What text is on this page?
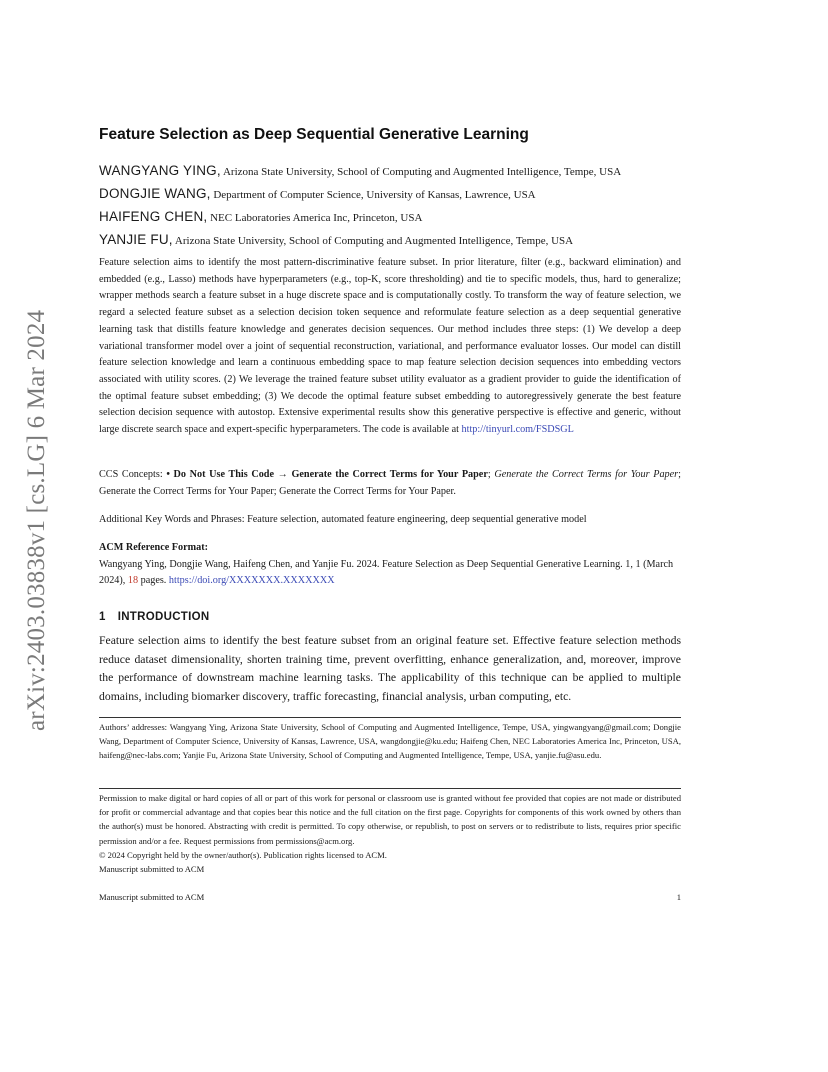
arXiv:2403.03838v1 [cs.LG] 6 Mar 2024
Feature Selection as Deep Sequential Generative Learning
WANGYANG YING, Arizona State University, School of Computing and Augmented Intelligence, Tempe, USA
DONGJIE WANG, Department of Computer Science, University of Kansas, Lawrence, USA
HAIFENG CHEN, NEC Laboratories America Inc, Princeton, USA
YANJIE FU, Arizona State University, School of Computing and Augmented Intelligence, Tempe, USA
Feature selection aims to identify the most pattern-discriminative feature subset. In prior literature, filter (e.g., backward elimination) and embedded (e.g., Lasso) methods have hyperparameters (e.g., top-K, score thresholding) and tie to specific models, thus, hard to generalize; wrapper methods search a feature subset in a huge discrete space and is computationally costly. To transform the way of feature selection, we regard a selected feature subset as a selection decision token sequence and reformulate feature selection as a deep sequential generative learning task that distills feature knowledge and generates decision sequences. Our method includes three steps: (1) We develop a deep variational transformer model over a joint of sequential reconstruction, variational, and performance evaluator losses. Our model can distill feature selection knowledge and learn a continuous embedding space to map feature selection decision sequences into embedding vectors associated with utility scores. (2) We leverage the trained feature subset utility evaluator as a gradient provider to guide the identification of the optimal feature subset embedding; (3) We decode the optimal feature subset embedding to autoregressively generate the best feature selection decision sequence with autostop. Extensive experimental results show this generative perspective is effective and generic, without large discrete search space and expert-specific hyperparameters. The code is available at http://tinyurl.com/FSDSGL
CCS Concepts: • Do Not Use This Code → Generate the Correct Terms for Your Paper; Generate the Correct Terms for Your Paper; Generate the Correct Terms for Your Paper; Generate the Correct Terms for Your Paper.
Additional Key Words and Phrases: Feature selection, automated feature engineering, deep sequential generative model
ACM Reference Format:
Wangyang Ying, Dongjie Wang, Haifeng Chen, and Yanjie Fu. 2024. Feature Selection as Deep Sequential Generative Learning. 1, 1 (March 2024), 18 pages. https://doi.org/XXXXXXX.XXXXXXX
1 INTRODUCTION
Feature selection aims to identify the best feature subset from an original feature set. Effective feature selection methods reduce dataset dimensionality, shorten training time, prevent overfitting, enhance generalization, and, moreover, improve the performance of downstream machine learning tasks. The applicability of this technique can be applied to multiple domains, including biomarker discovery, traffic forecasting, financial analysis, urban computing, etc.
Authors’ addresses: Wangyang Ying, Arizona State University, School of Computing and Augmented Intelligence, Tempe, USA, yingwangyang@gmail.com; Dongjie Wang, Department of Computer Science, University of Kansas, Lawrence, USA, wangdongjie@ku.edu; Haifeng Chen, NEC Laboratories America Inc, Princeton, USA, haifeng@nec-labs.com; Yanjie Fu, Arizona State University, School of Computing and Augmented Intelligence, Tempe, USA, yanjie.fu@asu.edu.
Permission to make digital or hard copies of all or part of this work for personal or classroom use is granted without fee provided that copies are not made or distributed for profit or commercial advantage and that copies bear this notice and the full citation on the first page. Copyrights for components of this work owned by others than the author(s) must be honored. Abstracting with credit is permitted. To copy otherwise, or republish, to post on servers or to redistribute to lists, requires prior specific permission and/or a fee. Request permissions from permissions@acm.org.
© 2024 Copyright held by the owner/author(s). Publication rights licensed to ACM.
Manuscript submitted to ACM
Manuscript submitted to ACM	1
